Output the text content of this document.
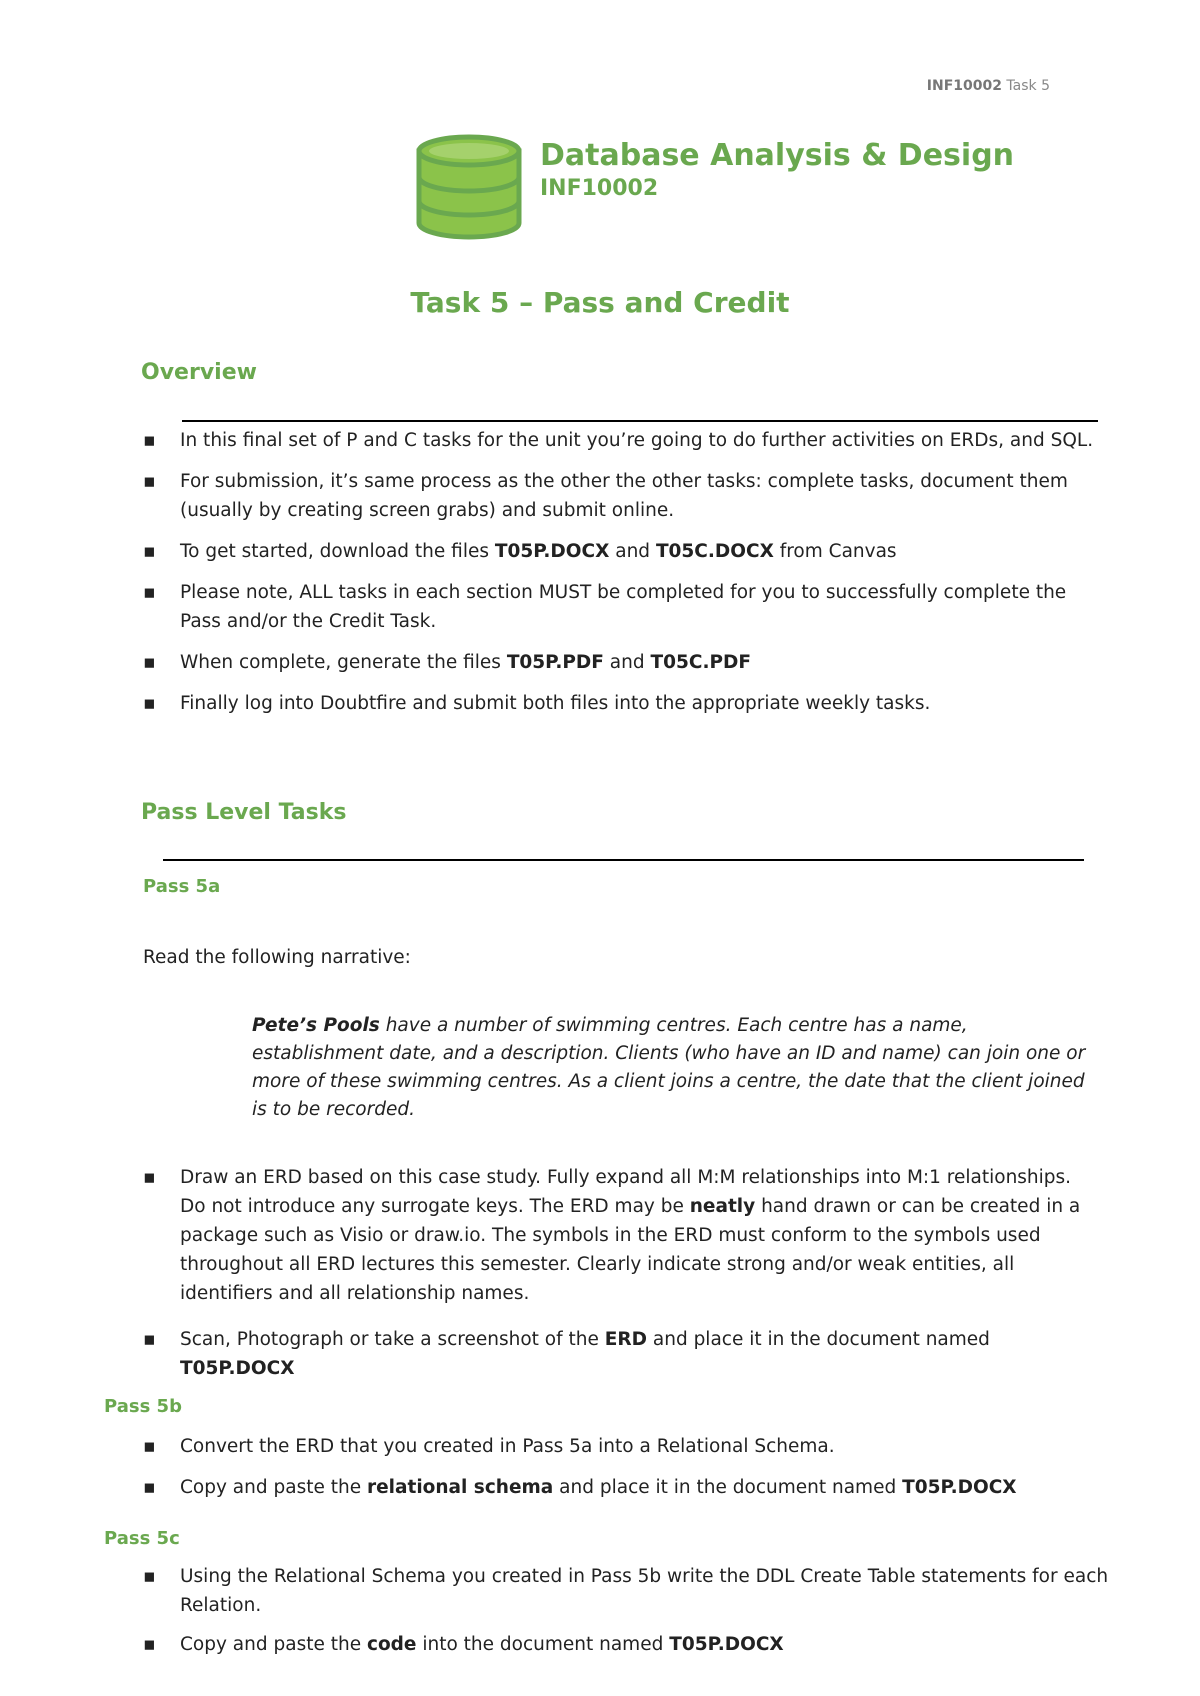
INF10002 Task 5
Database Analysis & Design
INF10002
Task 5 – Pass and Credit
Overview
▪ In this final set of P and C tasks for the unit you’re going to do further activities on ERDs, and SQL.
▪ For submission, it’s same process as the other the other tasks: complete tasks, document them
(usually by creating screen grabs) and submit online.
▪ To get started, download the files T05P.DOCX and T05C.DOCX from Canvas
▪ Please note, ALL tasks in each section MUST be completed for you to successfully complete the
Pass and/or the Credit Task.
▪ When complete, generate the files T05P.PDF and T05C.PDF
▪ Finally log into Doubtfire and submit both files into the appropriate weekly tasks.
Pass Level Tasks
Pass 5a
Read the following narrative:
Pete’s Pools have a number of swimming centres. Each centre has a name,
establishment date, and a description. Clients (who have an ID and name) can join one or
more of these swimming centres. As a client joins a centre, the date that the client joined
is to be recorded.
▪ Draw an ERD based on this case study. Fully expand all M:M relationships into M:1 relationships.
Do not introduce any surrogate keys. The ERD may be neatly hand drawn or can be created in a
package such as Visio or draw.io. The symbols in the ERD must conform to the symbols used
throughout all ERD lectures this semester. Clearly indicate strong and/or weak entities, all
identifiers and all relationship names.
▪ Scan, Photograph or take a screenshot of the ERD and place it in the document named
T05P.DOCX
Pass 5b
▪ Convert the ERD that you created in Pass 5a into a Relational Schema.
▪ Copy and paste the relational schema and place it in the document named T05P.DOCX
Pass 5c
▪ Using the Relational Schema you created in Pass 5b write the DDL Create Table statements for each
Relation.
▪ Copy and paste the code into the document named T05P.DOCX
